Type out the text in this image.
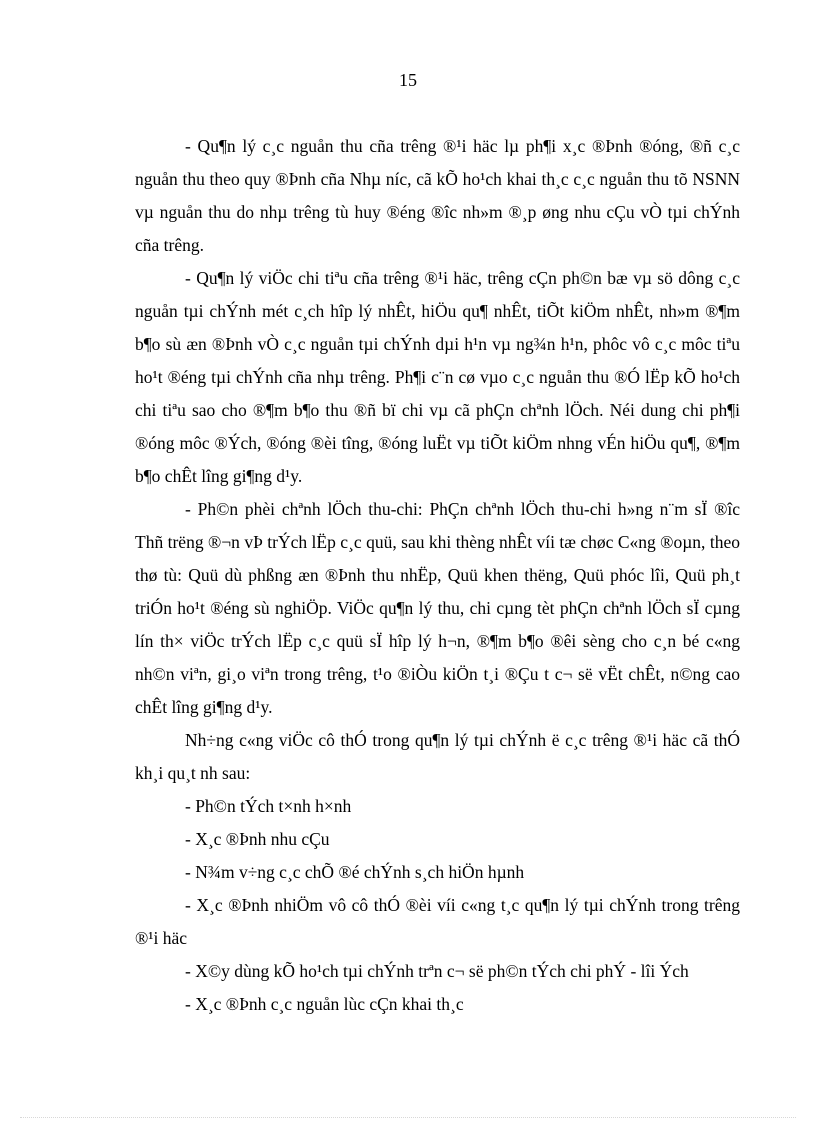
15

- Qu¶n lý c¸c nguån thu cña trêng ®¹i häc lµ ph¶i x¸c ®Þnh ®óng, ®ñ c¸c nguån thu theo quy ®Þnh cña Nhµ níc, cã kÕ ho¹ch khai th¸c c¸c nguån thu tõ NSNN vµ nguån thu do nhµ trêng tù huy ®éng ®îc nh»m ®¸p øng nhu cÇu vÒ tµi chÝnh cña trêng.

- Qu¶n lý viÖc chi tiªu cña trêng ®¹i häc, trêng cÇn ph©n bæ vµ sö dông c¸c nguån tµi chÝnh mét c¸ch hîp lý nhÊt, hiÖu qu¶ nhÊt, tiÕt kiÖm nhÊt, nh»m ®¶m b¶o sù æn ®Þnh vÒ c¸c nguån tµi chÝnh dµi h¹n vµ ng¾n h¹n, phôc vô c¸c môc tiªu ho¹t ®éng tµi chÝnh cña nhµ trêng. Ph¶i c¨n cø vµo c¸c nguån thu ®Ó lËp kÕ ho¹ch chi tiªu sao cho ®¶m b¶o thu ®ñ bï chi vµ cã phÇn chªnh lÖch. Néi dung chi ph¶i ®óng môc ®Ých, ®óng ®èi tîng, ®óng luËt vµ tiÕt kiÖm nhng vÉn hiÖu qu¶, ®¶m b¶o chÊt lîng gi¶ng d¹y.

- Ph©n phèi chªnh lÖch thu-chi: PhÇn chªnh lÖch thu-chi h»ng n¨m sÏ ®îc Thñ trëng ®¬n vÞ trÝch lËp c¸c quü, sau khi thèng nhÊt víi tæ chøc C«ng ®oµn, theo thø tù: Quü dù phßng æn ®Þnh thu nhËp, Quü khen thëng, Quü phóc lîi, Quü ph¸t triÓn ho¹t ®éng sù nghiÖp. ViÖc qu¶n lý thu, chi cµng tèt phÇn chªnh lÖch sÏ cµng lín th× viÖc trÝch lËp c¸c quü sÏ hîp lý h¬n, ®¶m b¶o ®êi sèng cho c¸n bé c«ng nh©n viªn, gi¸o viªn trong trêng, t¹o ®iÒu kiÖn t¸i ®Çu t c¬ së vËt chÊt, n©ng cao chÊt lîng gi¶ng d¹y.

Nh÷ng c«ng viÖc cô thÓ trong qu¶n lý tµi chÝnh ë c¸c trêng ®¹i häc cã thÓ kh¸i qu¸t nh sau:

- Ph©n tÝch t×nh h×nh

- X¸c ®Þnh nhu cÇu

- N¾m v÷ng c¸c chÕ ®é chÝnh s¸ch hiÖn hµnh

- X¸c ®Þnh nhiÖm vô cô thÓ ®èi víi c«ng t¸c qu¶n lý tµi chÝnh trong trêng ®¹i häc

- X©y dùng kÕ ho¹ch tµi chÝnh trªn c¬ së ph©n tÝch chi phÝ - lîi Ých

- X¸c ®Þnh c¸c nguån lùc cÇn khai th¸c
